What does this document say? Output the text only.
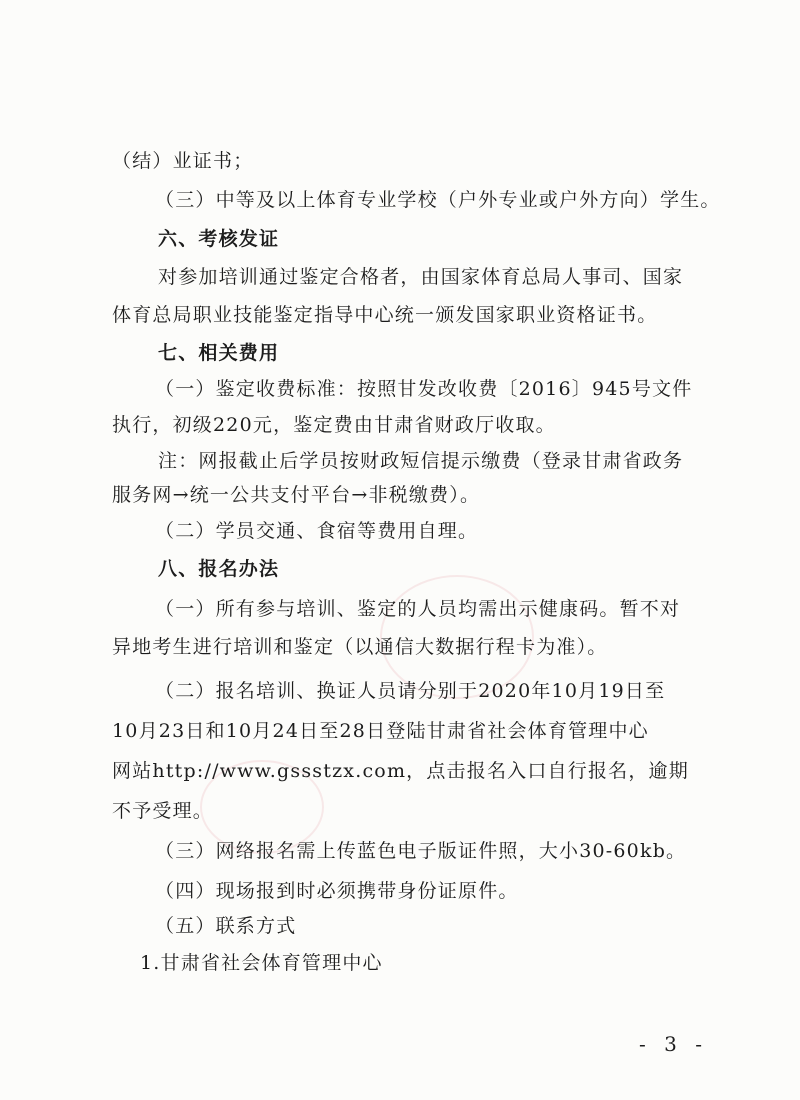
（结）业证书；
（三）中等及以上体育专业学校（户外专业或户外方向）学生。
六、考核发证
对参加培训通过鉴定合格者，由国家体育总局人事司、国家
体育总局职业技能鉴定指导中心统一颁发国家职业资格证书。
七、相关费用
（一）鉴定收费标准：按照甘发改收费〔2016〕945号文件
执行，初级220元，鉴定费由甘肃省财政厅收取。
注：网报截止后学员按财政短信提示缴费（登录甘肃省政务
服务网→统一公共支付平台→非税缴费）。
（二）学员交通、食宿等费用自理。
八、报名办法
（一）所有参与培训、鉴定的人员均需出示健康码。暂不对
异地考生进行培训和鉴定（以通信大数据行程卡为准）。
（二）报名培训、换证人员请分别于2020年10月19日至
10月23日和10月24日至28日登陆甘肃省社会体育管理中心
网站http://www.gssstzx.com，点击报名入口自行报名，逾期
不予受理。
（三）网络报名需上传蓝色电子版证件照，大小30-60kb。
（四）现场报到时必须携带身份证原件。
（五）联系方式
1.甘肃省社会体育管理中心
- 3 -
